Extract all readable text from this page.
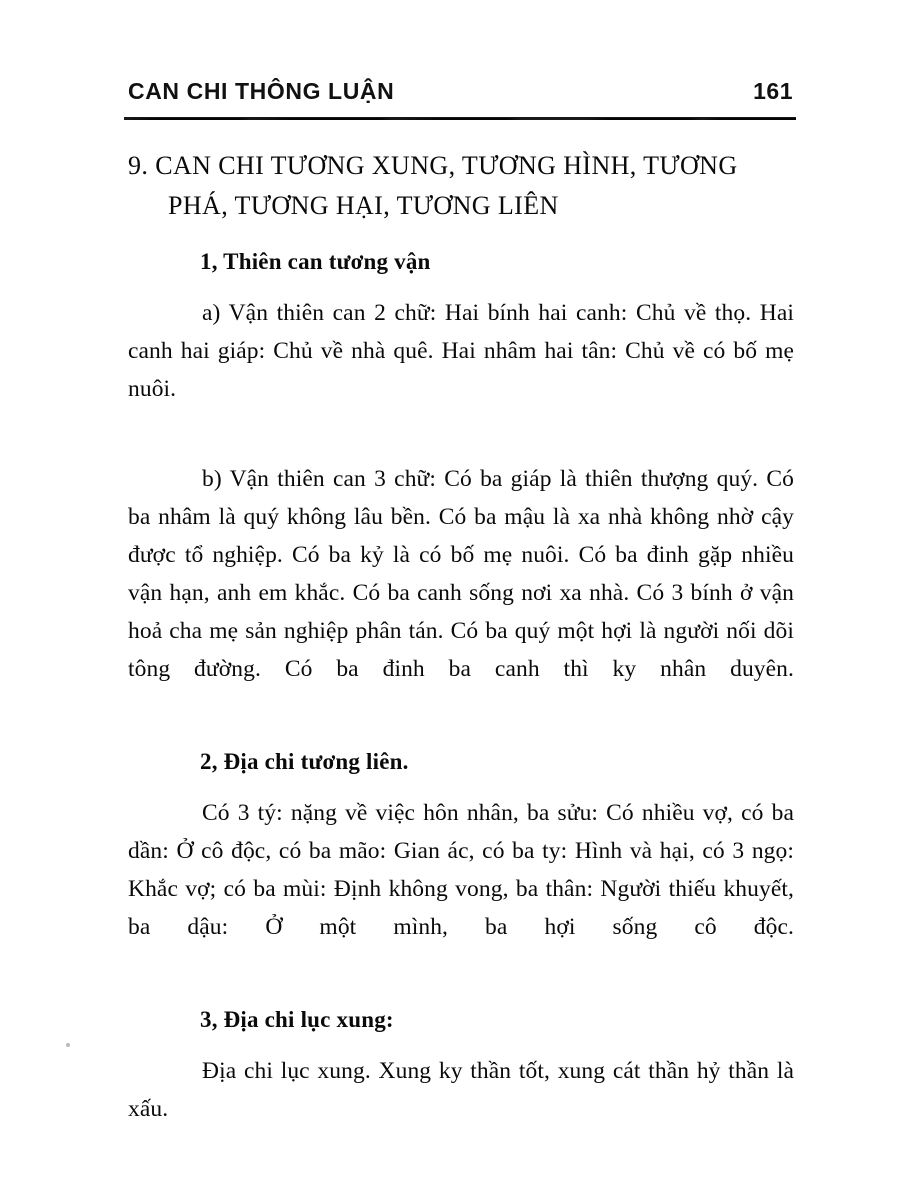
CAN CHI THÔNG LUẬN	161
9. CAN CHI TƯƠNG XUNG, TƯƠNG HÌNH, TƯƠNG PHÁ, TƯƠNG HẠI, TƯƠNG LIÊN
1, Thiên can tương vận

a) Vận thiên can 2 chữ: Hai bính hai canh: Chủ về thọ. Hai canh hai giáp: Chủ về nhà quê. Hai nhâm hai tân: Chủ về có bố mẹ nuôi.

b) Vận thiên can 3 chữ: Có ba giáp là thiên thượng quý. Có ba nhâm là quý không lâu bền. Có ba mậu là xa nhà không nhờ cậy được tổ nghiệp. Có ba kỷ là có bố mẹ nuôi. Có ba đinh gặp nhiều vận hạn, anh em khắc. Có ba canh sống nơi xa nhà. Có 3 bính ở vận hoả cha mẹ sản nghiệp phân tán. Có ba quý một hợi là người nối dõi tông đường. Có ba đinh ba canh thì ky nhân duyên.

2, Địa chi tương liên.

Có 3 tý: nặng về việc hôn nhân, ba sửu: Có nhiều vợ, có ba dần: Ở cô độc, có ba mão: Gian ác, có ba ty: Hình và hại, có 3 ngọ: Khắc vợ; có ba mùi: Định không vong, ba thân: Người thiếu khuyết, ba dậu: Ở một mình, ba hợi sống cô độc.

3, Địa chi lục xung:

Địa chi lục xung. Xung ky thần tốt, xung cát thần hỷ thần là xấu.
